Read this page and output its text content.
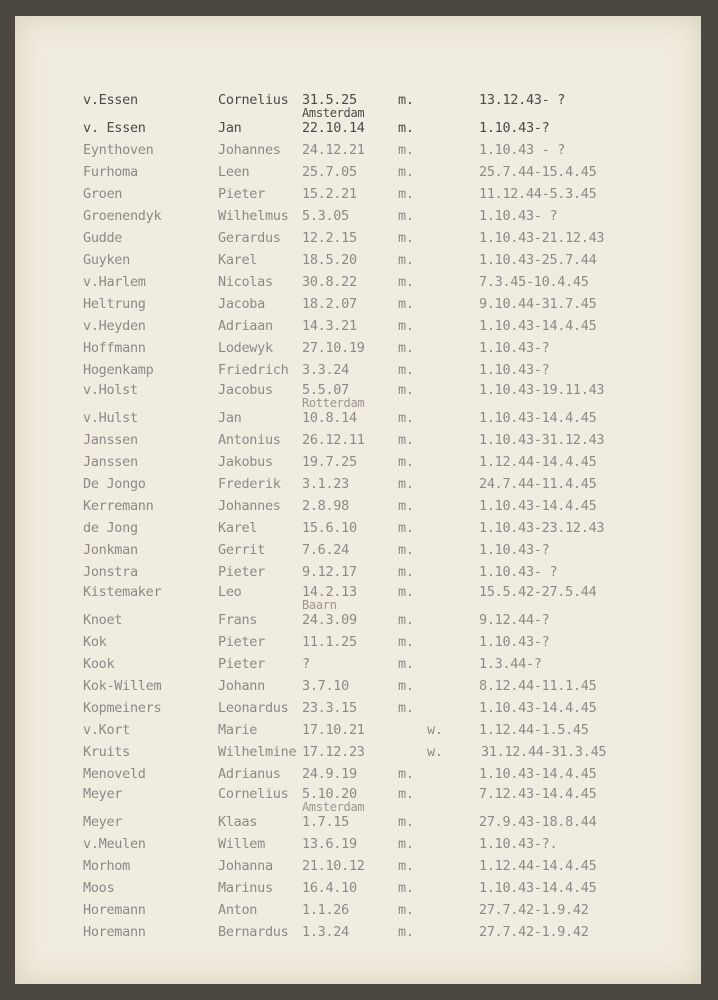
v.Essen	Cornelius 31.5.25	m.	13.12.43- ?
Amsterdam
v. Essen	Jan	22.10.14 m.	1.10.43-?
Eynthoven	Johannes 24.12.21 m.	1.10.43 - ?
Furhoma	Leen	25.7.05	m.	25.7.44-15.4.45
Groen	Pieter	15.2.21	m.	11.12.44-5.3.45
Groenendyk	Wilhelmus 5.3.05	m.	1.10.43- ?
Gudde	Gerardus 12.2.15	m.	1.10.43-21.12.43
Guyken	Karel	18.5.20	m.	1.10.43-25.7.44
v.Harlem	Nicolas 30.8.22	m.	7.3.45-10.4.45
Heltrung	Jacoba	18.2.07	m.	9.10.44-31.7.45
v.Heyden	Adriaan 14.3.21	m.	1.10.43-14.4.45
Hoffmann	Lodewyk 27.10.19 m.	1.10.43-?
Hogenkamp	Friedrich 3.3.24	m.	1.10.43-?
v.Holst	Jacobus 5.5.07	m.	1.10.43-19.11.43
Rotterdam
v.Hulst	Jan	10.8.14	m.	1.10.43-14.4.45
Janssen	Antonius 26.12.11 m.	1.10.43-31.12.43
Janssen	Jakobus 19.7.25	m.	1.12.44-14.4.45
De Jongo	Frederik 3.1.23	m.	24.7.44-11.4.45
Kerremann	Johannes 2.8.98	m.	1.10.43-14.4.45
de Jong	Karel	15.6.10	m.	1.10.43-23.12.43
Jonkman	Gerrit	7.6.24	m.	1.10.43-?
Jonstra	Pieter	9.12.17	m.	1.10.43- ?
Kistemaker	Leo	14.2.13	m.	15.5.42-27.5.44
Baarn
Knoet	Frans	24.3.09	m.	9.12.44-?
Kok	Pieter	11.1.25	m.	1.10.43-?
Kook	Pieter	?	m.	1.3.44-?
Kok-Willem	Johann	3.7.10	m.	8.12.44-11.1.45
Kopmeiners	Leonardus 23.3.15	m.	1.10.43-14.4.45
v.Kort	Marie	17.10.21	w.	1.12.44-1.5.45
Kruits	Wilhelmine 17.12.23	w.	31.12.44-31.3.45
Menoveld	Adrianus 24.9.19	m.	1.10.43-14.4.45
Meyer	Cornelius 5.10.20	m.	7.12.43-14.4.45
Amsterdam
Meyer	Klaas	1.7.15	m.	27.9.43-18.8.44
v.Meulen	Willem	13.6.19	m.	1.10.43-?.
Morhom	Johanna 21.10.12 m.	1.12.44-14.4.45
Moos	Marinus 16.4.10	m.	1.10.43-14.4.45
Horemann	Anton	1.1.26	m.	27.7.42-1.9.42
Horemann	Bernardus 1.3.24	m.	27.7.42-1.9.42
